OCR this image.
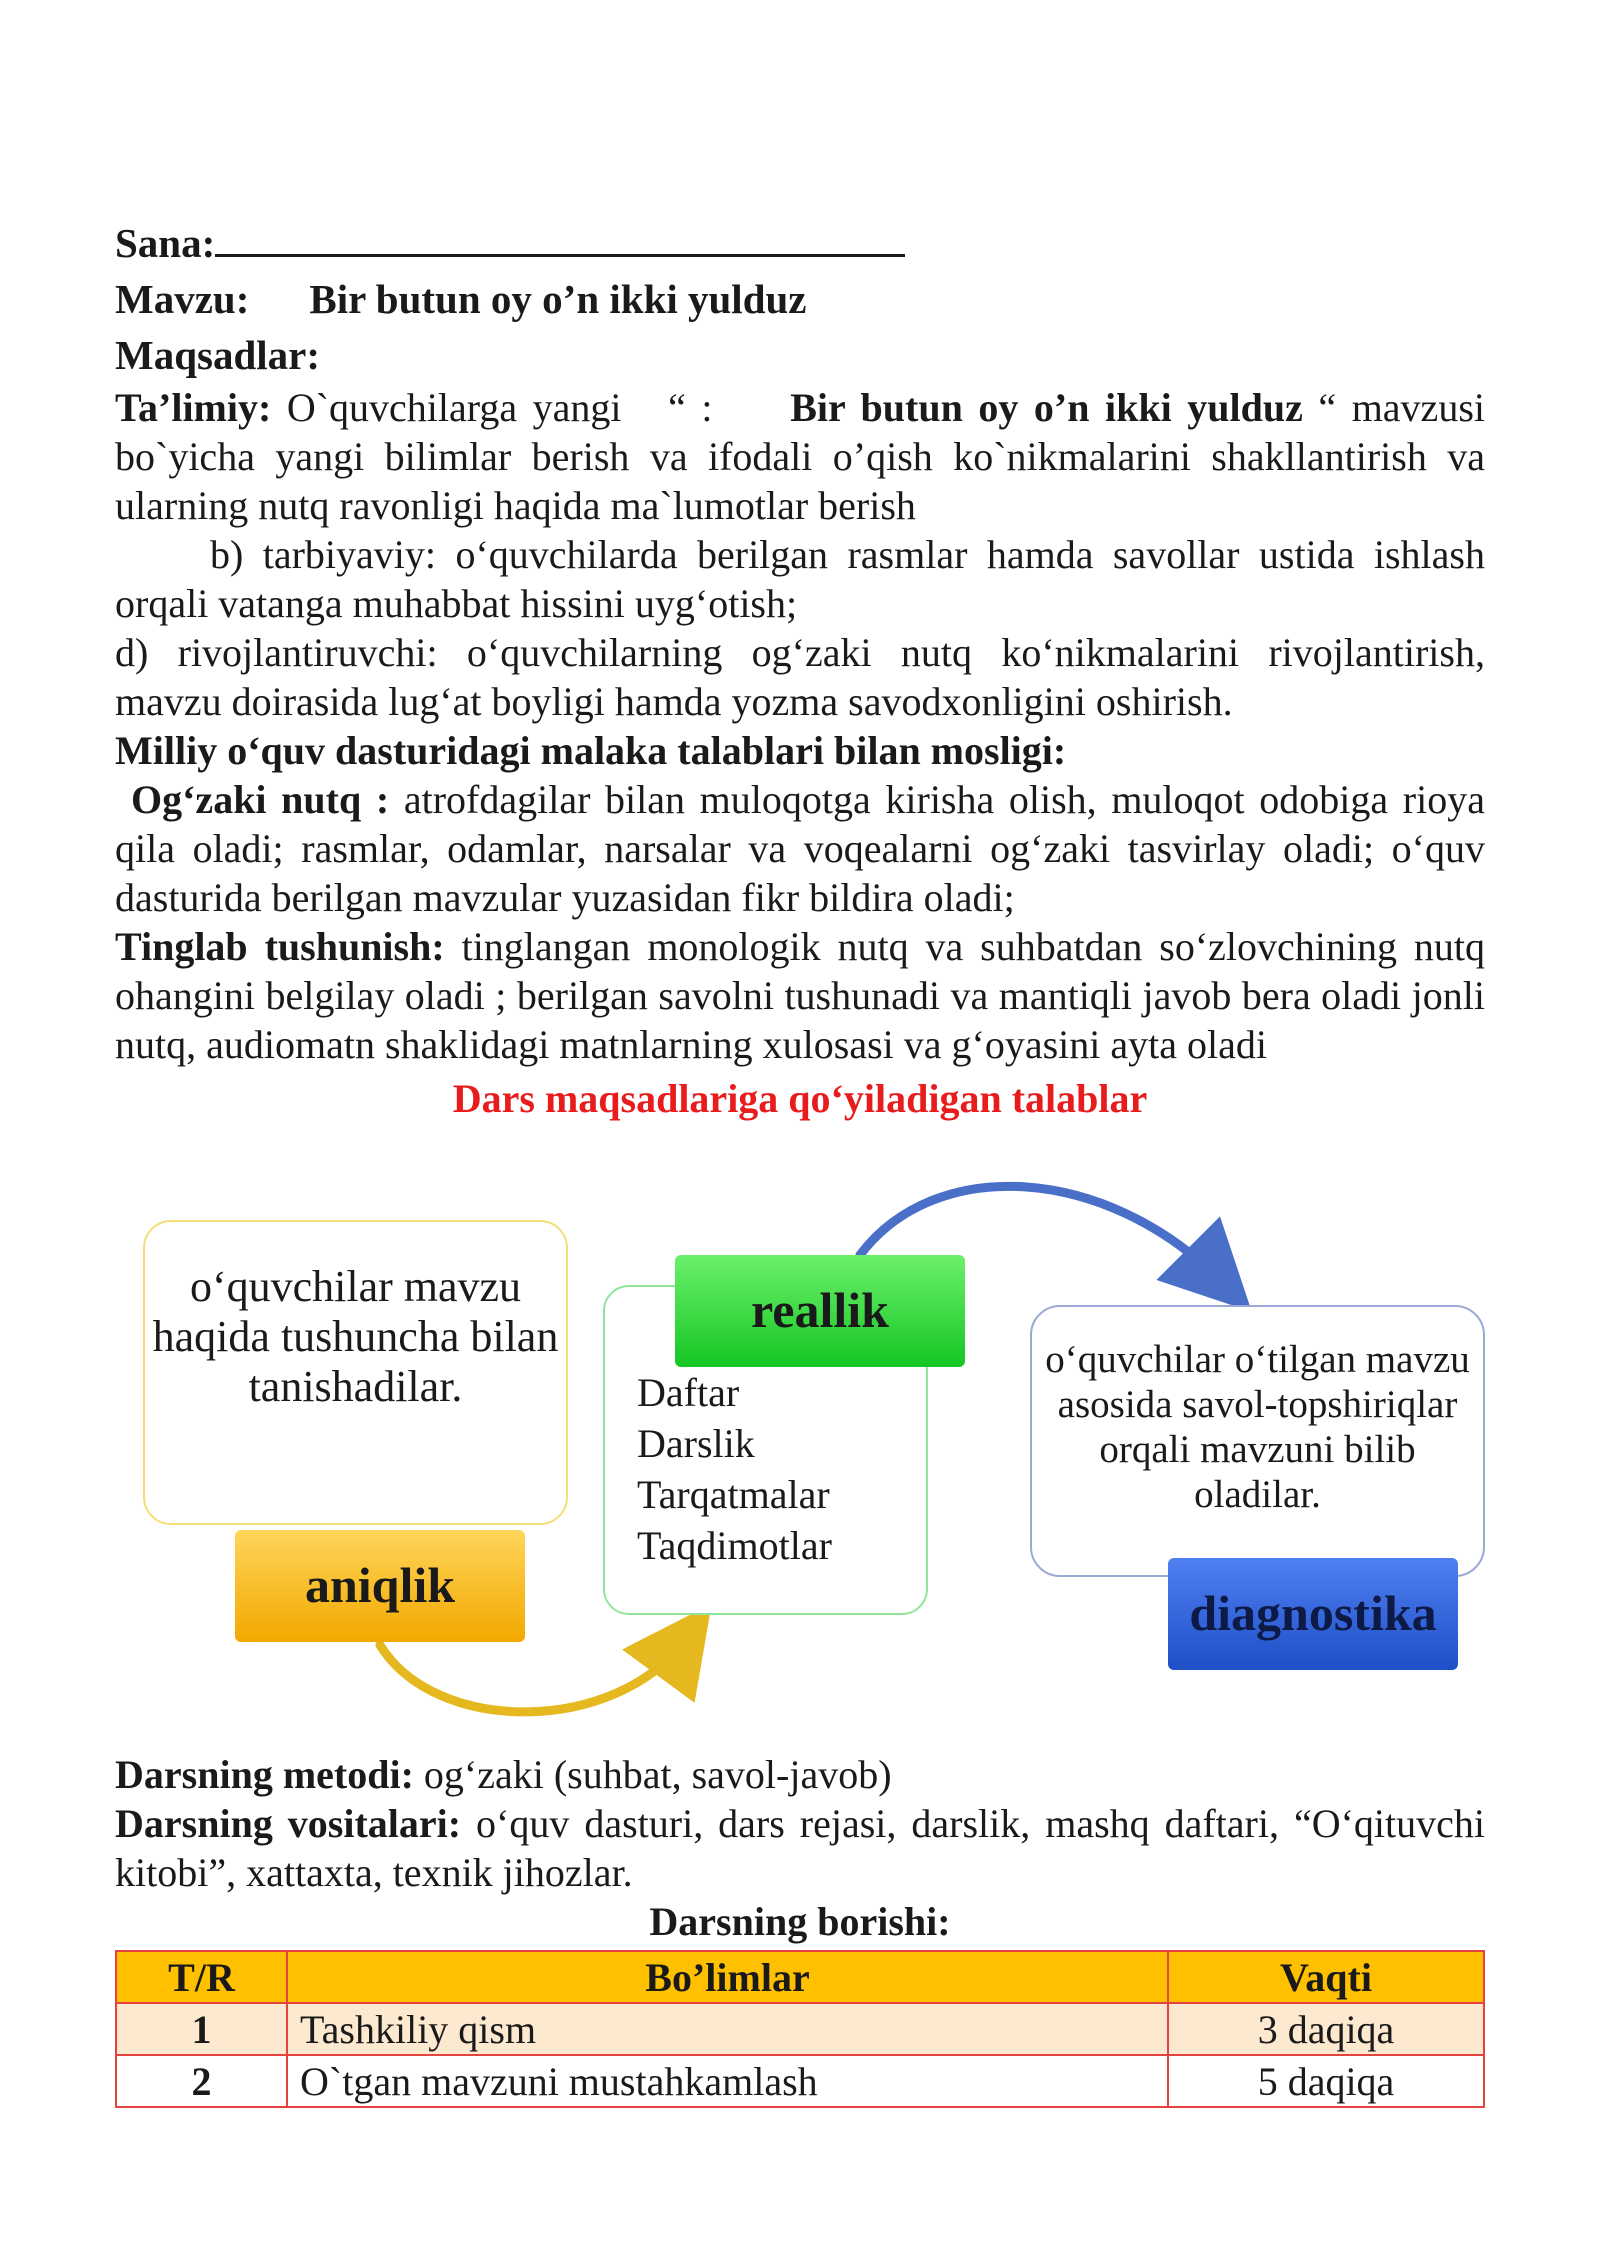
Sana:
Mavzu: Bir butun oy o’n ikki yulduz
Maqsadlar:
Ta’limiy: O`quvchilarga yangi   “ :     Bir butun oy o’n ikki yulduz “ mavzusi bo`yicha yangi bilimlar berish va ifodali o’qish ko`nikmalarini shakllantirish va ularning nutq ravonligi haqida ma`lumotlar berish
b) tarbiyaviy: o‘quvchilarda berilgan rasmlar hamda savollar ustida ishlash orqali vatanga muhabbat hissini uyg‘otish;
d) rivojlantiruvchi: o‘quvchilarning og‘zaki nutq ko‘nikmalarini rivojlantirish, mavzu doirasida lug‘at boyligi hamda yozma savodxonligini oshirish.
Milliy o‘quv dasturidagi malaka talablari bilan mosligi:
Og‘zaki nutq : atrofdagilar bilan muloqotga kirisha olish, muloqot odobiga rioya qila oladi; rasmlar, odamlar, narsalar va voqealarni og‘zaki tasvirlay oladi; o‘quv dasturida berilgan mavzular yuzasidan fikr bildira oladi;
Tinglab tushunish: tinglangan monologik nutq va suhbatdan so‘zlovchining nutq ohangini belgilay oladi ; berilgan savolni tushunadi va mantiqli javob bera oladi jonli nutq, audiomatn shaklidagi matnlarning xulosasi va g‘oyasini ayta oladi
Dars maqsadlariga qo‘yiladigan talablar
o‘quvchilar mavzu haqida tushuncha bilan tanishadilar.	Daftar
Darslik
Tarqatmalar
Taqdimotlar
o‘quvchilar o‘tilgan mavzu asosida savol-topshiriqlar orqali mavzuni bilib oladilar.
reallik
aniqlik	diagnostika
Darsning metodi: og‘zaki (suhbat, savol-javob)
Darsning vositalari: o‘quv dasturi, dars rejasi, darslik, mashq daftari, “O‘qituvchi kitobi”, xattaxta, texnik jihozlar.
Darsning borishi:
T/R	Bo’limlar	Vaqti
1	Tashkiliy qism	3 daqiqa
2	O`tgan mavzuni mustahkamlash	5 daqiqa
